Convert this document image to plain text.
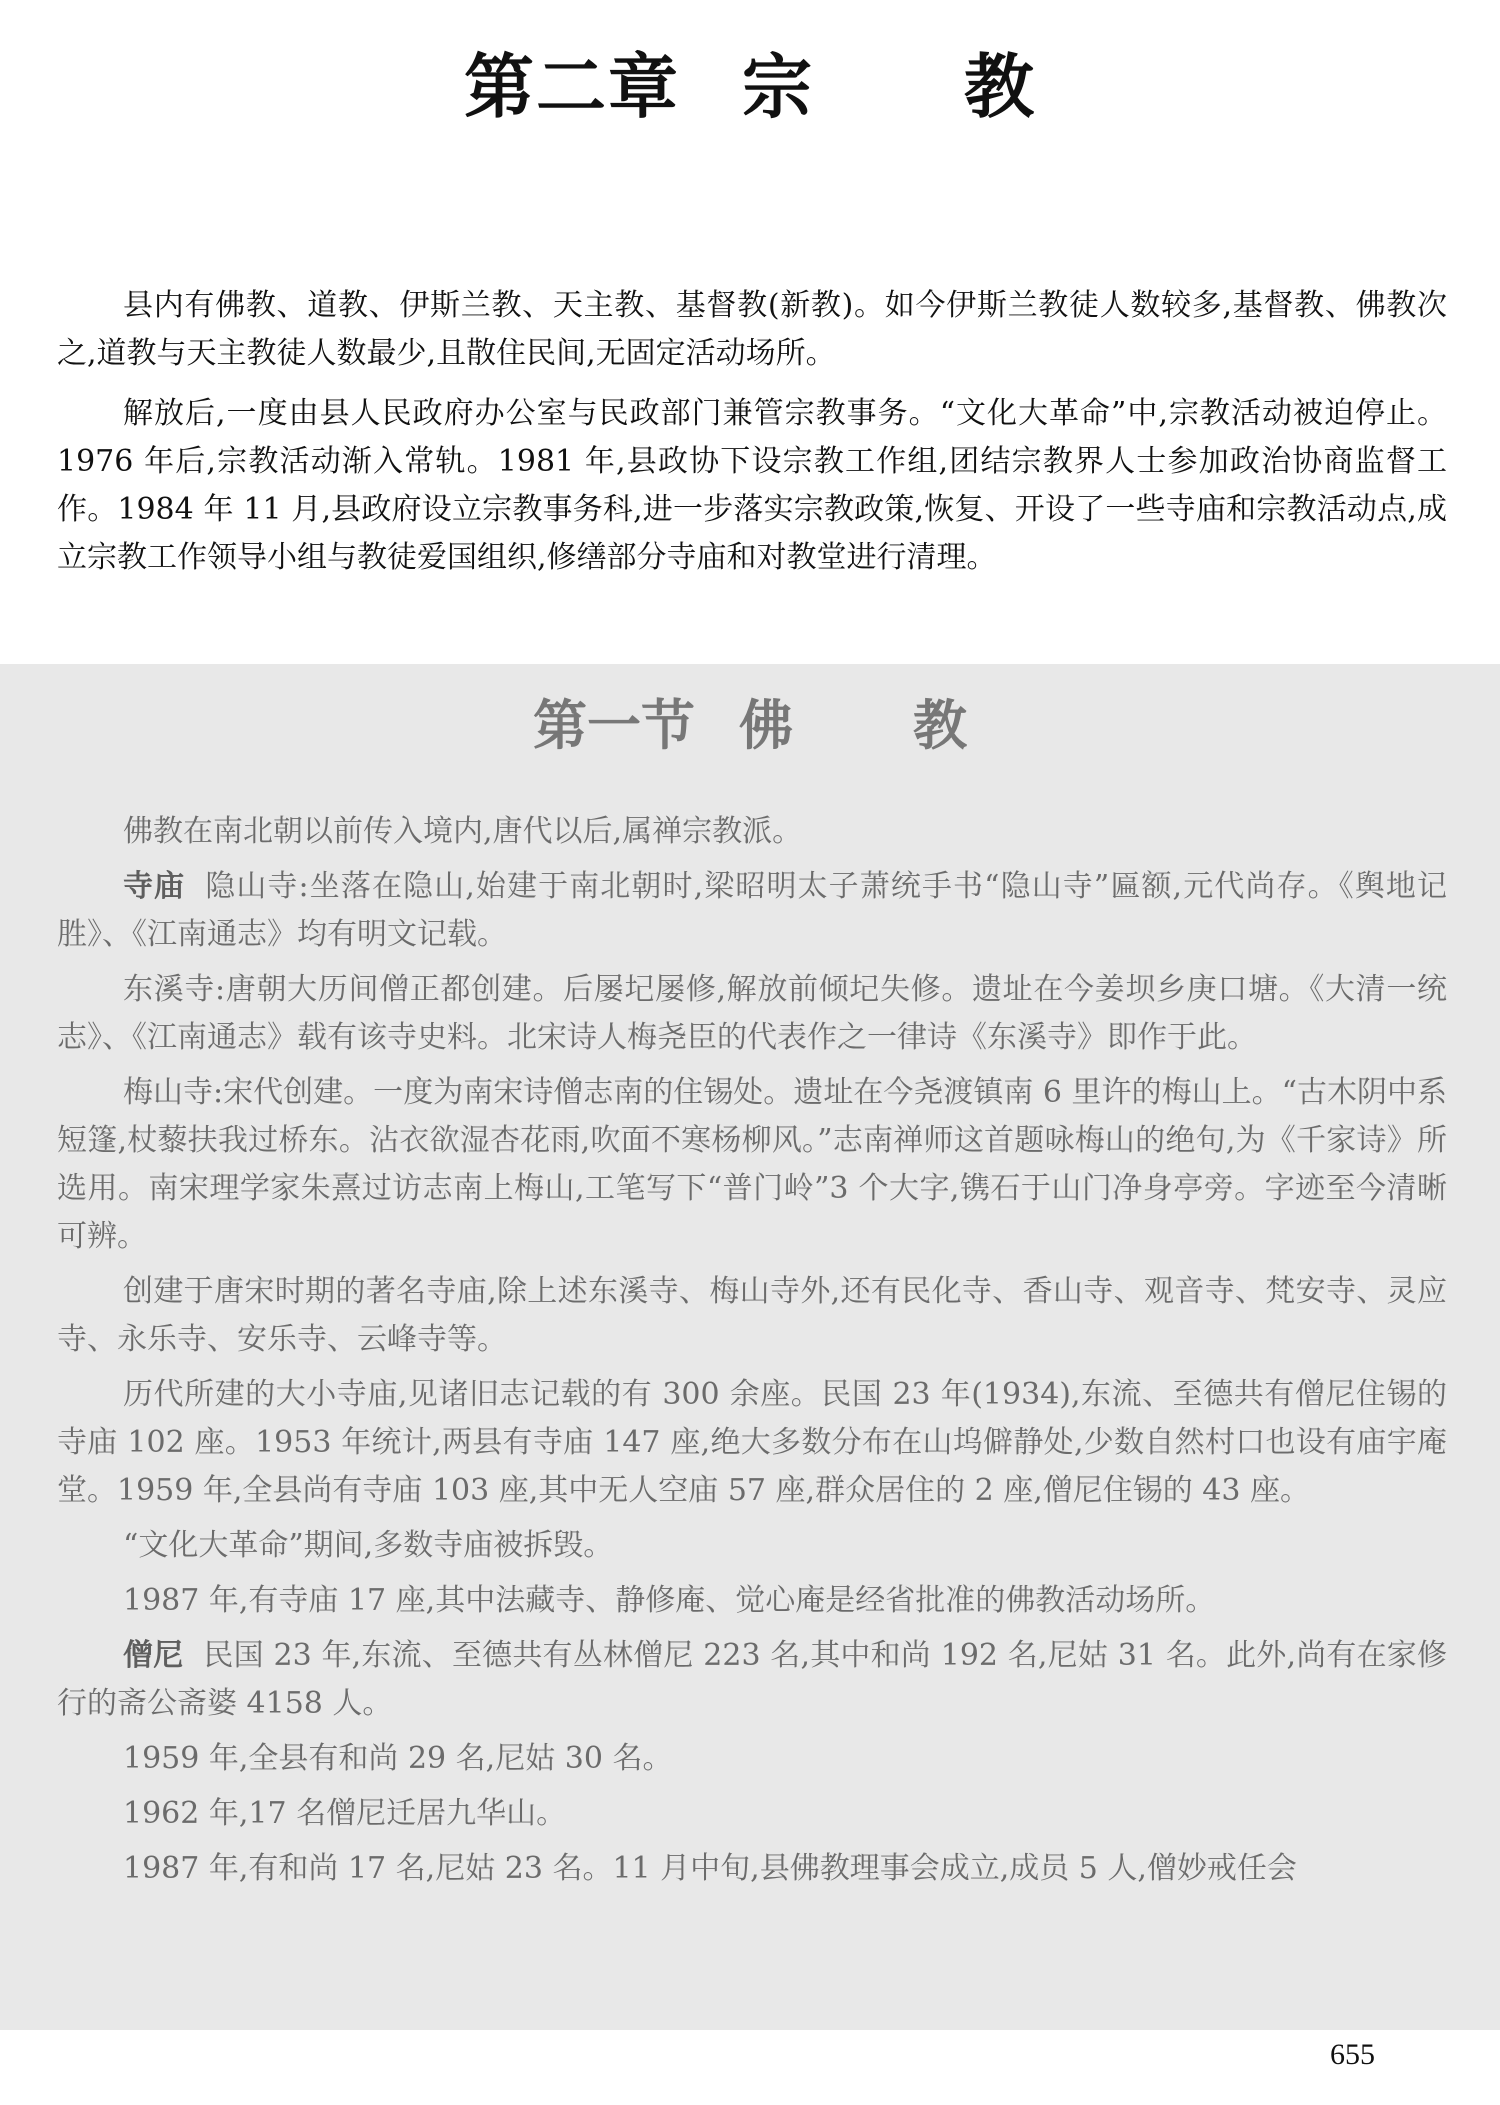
第二章 宗 教

县内有佛教、道教、伊斯兰教、天主教、基督教(新教)。如今伊斯兰教徒人数较多,基督教、佛教次之,道教与天主教徒人数最少,且散住民间,无固定活动场所。

解放后,一度由县人民政府办公室与民政部门兼管宗教事务。“文化大革命”中,宗教活动被迫停止。1976 年后,宗教活动渐入常轨。1981 年,县政协下设宗教工作组,团结宗教界人士参加政治协商监督工作。1984 年 11 月,县政府设立宗教事务科,进一步落实宗教政策,恢复、开设了一些寺庙和宗教活动点,成立宗教工作领导小组与教徒爱国组织,修缮部分寺庙和对教堂进行清理。

第一节 佛 教

佛教在南北朝以前传入境内,唐代以后,属禅宗教派。

寺庙 隐山寺:坐落在隐山,始建于南北朝时,梁昭明太子萧统手书“隐山寺”匾额,元代尚存。《舆地记胜》、《江南通志》均有明文记载。

东溪寺:唐朝大历间僧正都创建。后屡圮屡修,解放前倾圮失修。遗址在今姜坝乡庚口塘。《大清一统志》、《江南通志》载有该寺史料。北宋诗人梅尧臣的代表作之一律诗《东溪寺》即作于此。

梅山寺:宋代创建。一度为南宋诗僧志南的住锡处。遗址在今尧渡镇南 6 里许的梅山上。“古木阴中系短篷,杖藜扶我过桥东。沾衣欲湿杏花雨,吹面不寒杨柳风。”志南禅师这首题咏梅山的绝句,为《千家诗》所选用。南宋理学家朱熹过访志南上梅山,工笔写下“普门岭”3 个大字,镌石于山门净身亭旁。字迹至今清晰可辨。

创建于唐宋时期的著名寺庙,除上述东溪寺、梅山寺外,还有民化寺、香山寺、观音寺、梵安寺、灵应寺、永乐寺、安乐寺、云峰寺等。

历代所建的大小寺庙,见诸旧志记载的有 300 余座。民国 23 年(1934),东流、至德共有僧尼住锡的寺庙 102 座。1953 年统计,两县有寺庙 147 座,绝大多数分布在山坞僻静处,少数自然村口也设有庙宇庵堂。1959 年,全县尚有寺庙 103 座,其中无人空庙 57 座,群众居住的 2 座,僧尼住锡的 43 座。

“文化大革命”期间,多数寺庙被拆毁。

1987 年,有寺庙 17 座,其中法藏寺、静修庵、觉心庵是经省批准的佛教活动场所。

僧尼 民国 23 年,东流、至德共有丛林僧尼 223 名,其中和尚 192 名,尼姑 31 名。此外,尚有在家修行的斋公斋婆 4158 人。

1959 年,全县有和尚 29 名,尼姑 30 名。

1962 年,17 名僧尼迁居九华山。

1987 年,有和尚 17 名,尼姑 23 名。11 月中旬,县佛教理事会成立,成员 5 人,僧妙戒任会

655
